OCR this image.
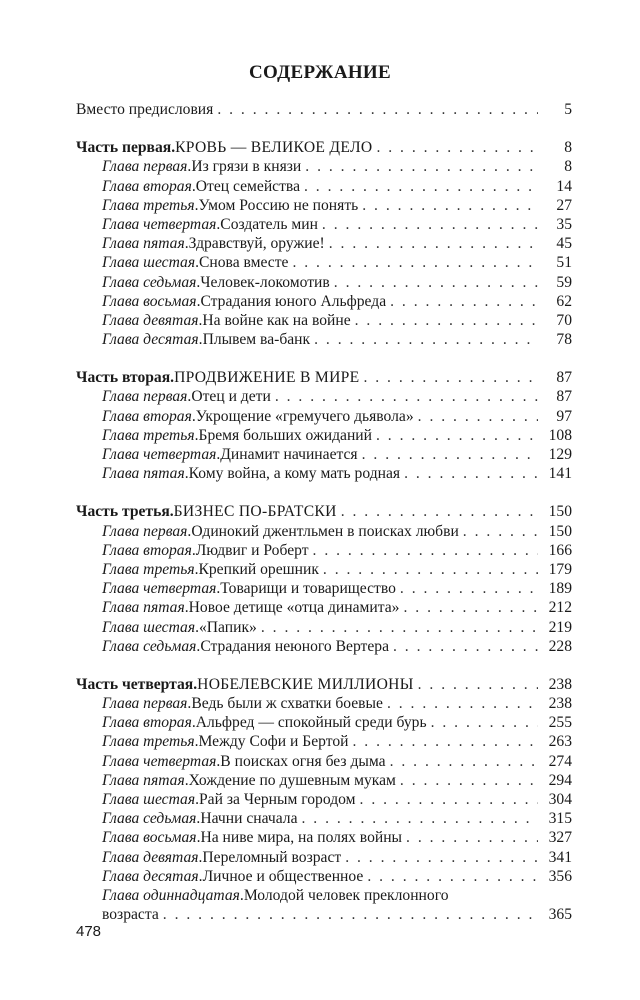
СОДЕРЖАНИЕ
Вместо предисловия . . .	5
Часть первая. КРОВЬ — ВЕЛИКОЕ ДЕЛО . . .	8
Глава первая . Из грязи в князи . . .	8
Глава вторая . Отец семейства . . .	14
Глава третья . Умом Россию не понять . . .	27
Глава четвертая . Создатель мин . . .	35
Глава пятая . Здравствуй, оружие! . . .	45
Глава шестая . Снова вместе . . .	51
Глава седьмая . Человек-локомотив . . .	59
Глава восьмая . Страдания юного Альфреда . . .	62
Глава девятая . На войне как на войне . . .	70
Глава десятая . Плывем ва-банк . . .	78
Часть вторая. ПРОДВИЖЕНИЕ В МИРЕ . . .	87
Глава первая . Отец и дети . . .	87
Глава вторая . Укрощение «гремучего дьявола» . . .	97
Глава третья . Бремя больших ожиданий . . .	108
Глава четвертая . Динамит начинается . . .	129
Глава пятая . Кому война, а кому мать родная . . .	141
Часть третья. БИЗНЕС ПО-БРАТСКИ . . .	150
Глава первая . Одинокий джентльмен в поисках любви . . .	150
Глава вторая . Людвиг и Роберт . . .	166
Глава третья . Крепкий орешник . . .	179
Глава четвертая . Товарищи и товарищество . . .	189
Глава пятая . Новое детище «отца динамита» . . .	212
Глава шестая . «Папик» . . .	219
Глава седьмая . Страдания неюного Вертера . . .	228
Часть четвертая. НОБЕЛЕВСКИЕ МИЛЛИОНЫ . . .	238
Глава первая . Ведь были ж схватки боевые . . .	238
Глава вторая . Альфред — спокойный среди бурь . . .	255
Глава третья . Между Софи и Бертой . . .	263
Глава четвертая . В поисках огня без дыма . . .	274
Глава пятая . Хождение по душевным мукам . . .	294
Глава шестая . Рай за Черным городом . . .	304
Глава седьмая . Начни сначала . . .	315
Глава восьмая . На ниве мира, на полях войны . . .	327
Глава девятая . Переломный возраст . . .	341
Глава десятая . Личное и общественное . . .	356
Глава одиннадцатая . Молодой человек преклонного
возраста . . .	365
478
